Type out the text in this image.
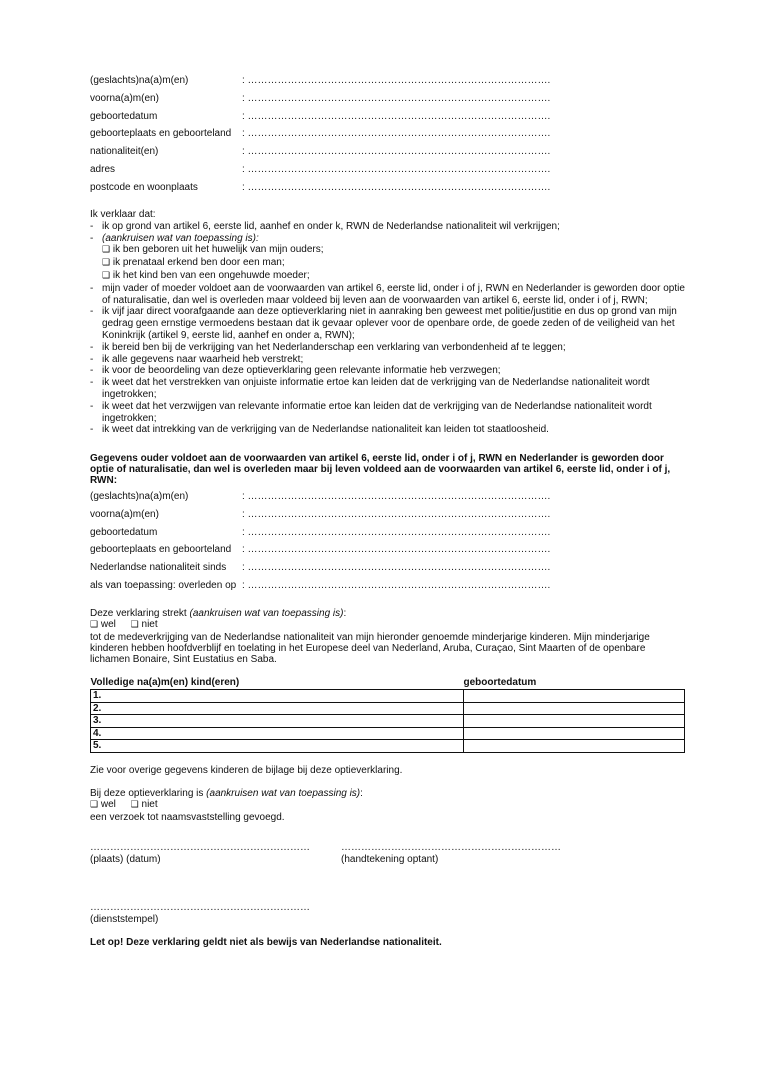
(geslachts)na(a)m(en)	: ……………………………………………………………………………….
voorna(a)m(en)	: ……………………………………………………………………………….
geboortedatum	: ……………………………………………………………………………….
geboorteplaats en geboorteland	: ……………………………………………………………………………….
nationaliteit(en)	: ……………………………………………………………………………….
adres	: ……………………………………………………………………………….
postcode en woonplaats	: ……………………………………………………………………………….
Ik verklaar dat:
- ik op grond van artikel 6, eerste lid, aanhef en onder k, RWN de Nederlandse nationaliteit wil verkrijgen;
- (aankruisen wat van toepassing is):
❑ ik ben geboren uit het huwelijk van mijn ouders;
❑ ik prenataal erkend ben door een man;
❑ ik het kind ben van een ongehuwde moeder;
- mijn vader of moeder voldoet aan de voorwaarden van artikel 6, eerste lid, onder i of j, RWN en Nederlander is geworden door optie of naturalisatie, dan wel is overleden maar voldeed bij leven aan de voorwaarden van artikel 6, eerste lid, onder i of j, RWN;
- ik vijf jaar direct voorafgaande aan deze optieverklaring niet in aanraking ben geweest met politie/justitie en dus op grond van mijn gedrag geen ernstige vermoedens bestaan dat ik gevaar oplever voor de openbare orde, de goede zeden of de veiligheid van het Koninkrijk (artikel 9, eerste lid, aanhef en onder a, RWN);
- ik bereid ben bij de verkrijging van het Nederlanderschap een verklaring van verbondenheid af te leggen;
- ik alle gegevens naar waarheid heb verstrekt;
- ik voor de beoordeling van deze optieverklaring geen relevante informatie heb verzwegen;
- ik weet dat het verstrekken van onjuiste informatie ertoe kan leiden dat de verkrijging van de Nederlandse nationaliteit wordt ingetrokken;
- ik weet dat het verzwijgen van relevante informatie ertoe kan leiden dat de verkrijging van de Nederlandse nationaliteit wordt ingetrokken;
- ik weet dat intrekking van de verkrijging van de Nederlandse nationaliteit kan leiden tot staatloosheid.
Gegevens ouder voldoet aan de voorwaarden van artikel 6, eerste lid, onder i of j, RWN en Nederlander is geworden door optie of naturalisatie, dan wel is overleden maar bij leven voldeed aan de voorwaarden van artikel 6, eerste lid, onder i of j, RWN:
(geslachts)na(a)m(en)	: ……………………………………………………………………………….
voorna(a)m(en)	: ……………………………………………………………………………….
geboortedatum	: ……………………………………………………………………………….
geboorteplaats en geboorteland	: ……………………………………………………………………………….
Nederlandse nationaliteit sinds	: ……………………………………………………………………………….
als van toepassing: overleden op : ……………………………………………………………………………….
Deze verklaring strekt (aankruisen wat van toepassing is):
❑ wel ❑ niet
tot de medeverkrijging van de Nederlandse nationaliteit van mijn hieronder genoemde minderjarige kinderen. Mijn minderjarige kinderen hebben hoofdverblijf en toelating in het Europese deel van Nederland, Aruba, Curaçao, Sint Maarten of de openbare lichamen Bonaire, Sint Eustatius en Saba.
Volledige na(a)m(en) kind(eren)	geboortedatum
1.	
2.	
3.	
4.	
5.	
Zie voor overige gegevens kinderen de bijlage bij deze optieverklaring.
Bij deze optieverklaring is (aankruisen wat van toepassing is):
❑ wel ❑ niet
een verzoek tot naamsvaststelling gevoegd.
…………………………………………………………
(plaats) (datum)
…………………………………………………………
(handtekening optant)
…………………………………………………………
(dienststempel)
Let op! Deze verklaring geldt niet als bewijs van Nederlandse nationaliteit.
